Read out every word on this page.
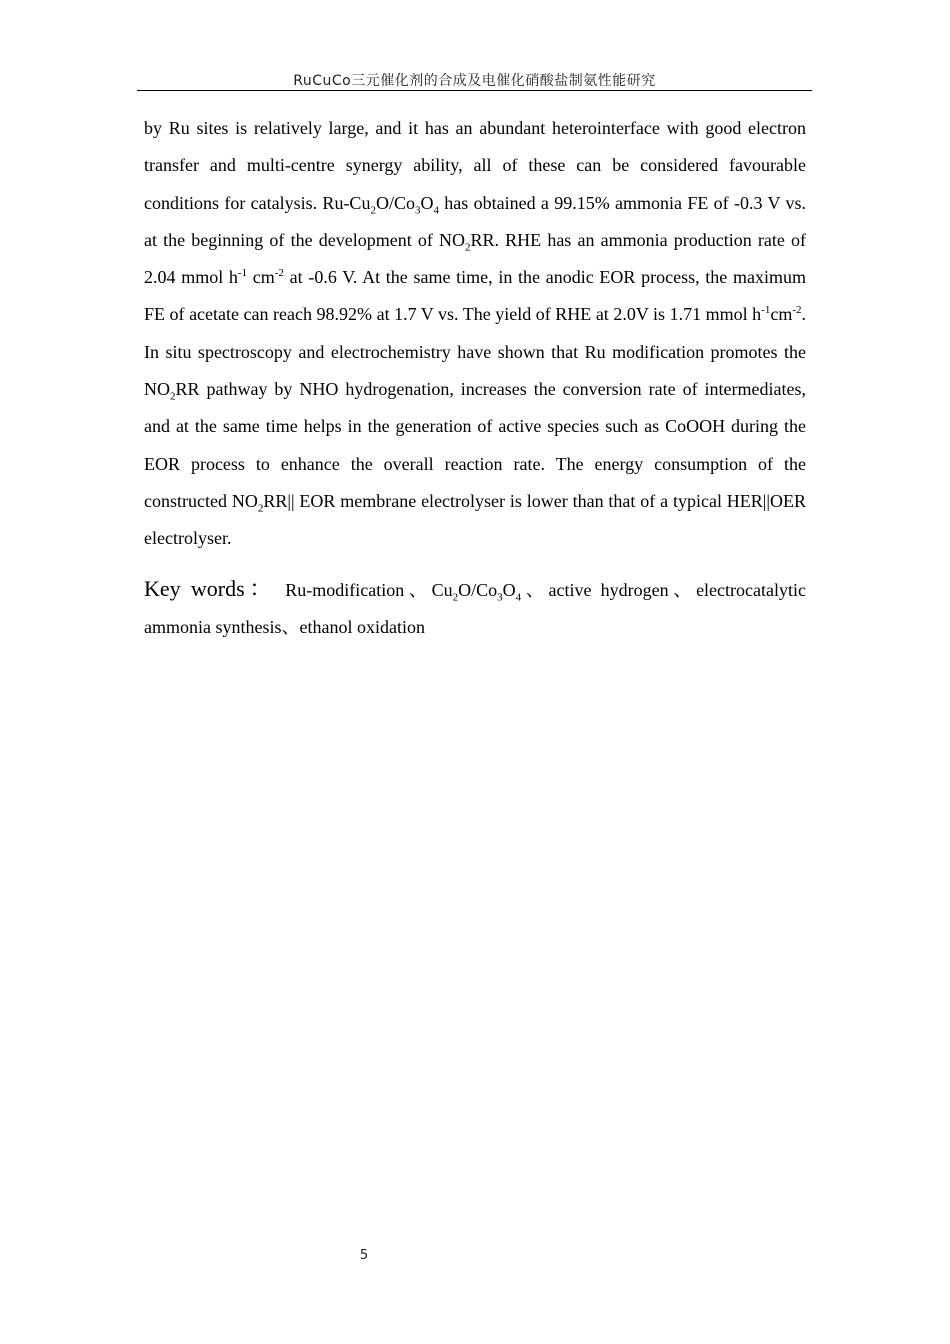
RuCuCo三元催化剂的合成及电催化硝酸盐制氨性能研究

by Ru sites is relatively large, and it has an abundant heterointerface with good electron transfer and multi-centre synergy ability, all of these can be considered favourable conditions for catalysis. $Ru-Cu_2O/Co_3O_4$ has obtained a 99.15% ammonia FE of -0.3 V vs. at the beginning of the development of $NO_2RR$. RHE has an ammonia production rate of 2.04 mmol $h^{-1}$ $cm^{-2}$ at -0.6 V. At the same time, in the anodic EOR process, the maximum FE of acetate can reach 98.92% at 1.7 V vs. The yield of RHE at 2.0V is 1.71 mmol $h^{-1}cm^{-2}$. In situ spectroscopy and electrochemistry have shown that Ru modification promotes the $NO_2RR$ pathway by NHO hydrogenation, increases the conversion rate of intermediates, and at the same time helps in the generation of active species such as CoOOH during the EOR process to enhance the overall reaction rate. The energy consumption of the constructed $NO_2RR||$ EOR membrane electrolyser is lower than that of a typical HER||OER electrolyser.

Key words： Ru-modification、$Cu_2O/Co_3O_4$、active hydrogen、electrocatalytic ammonia synthesis、ethanol oxidation

5
